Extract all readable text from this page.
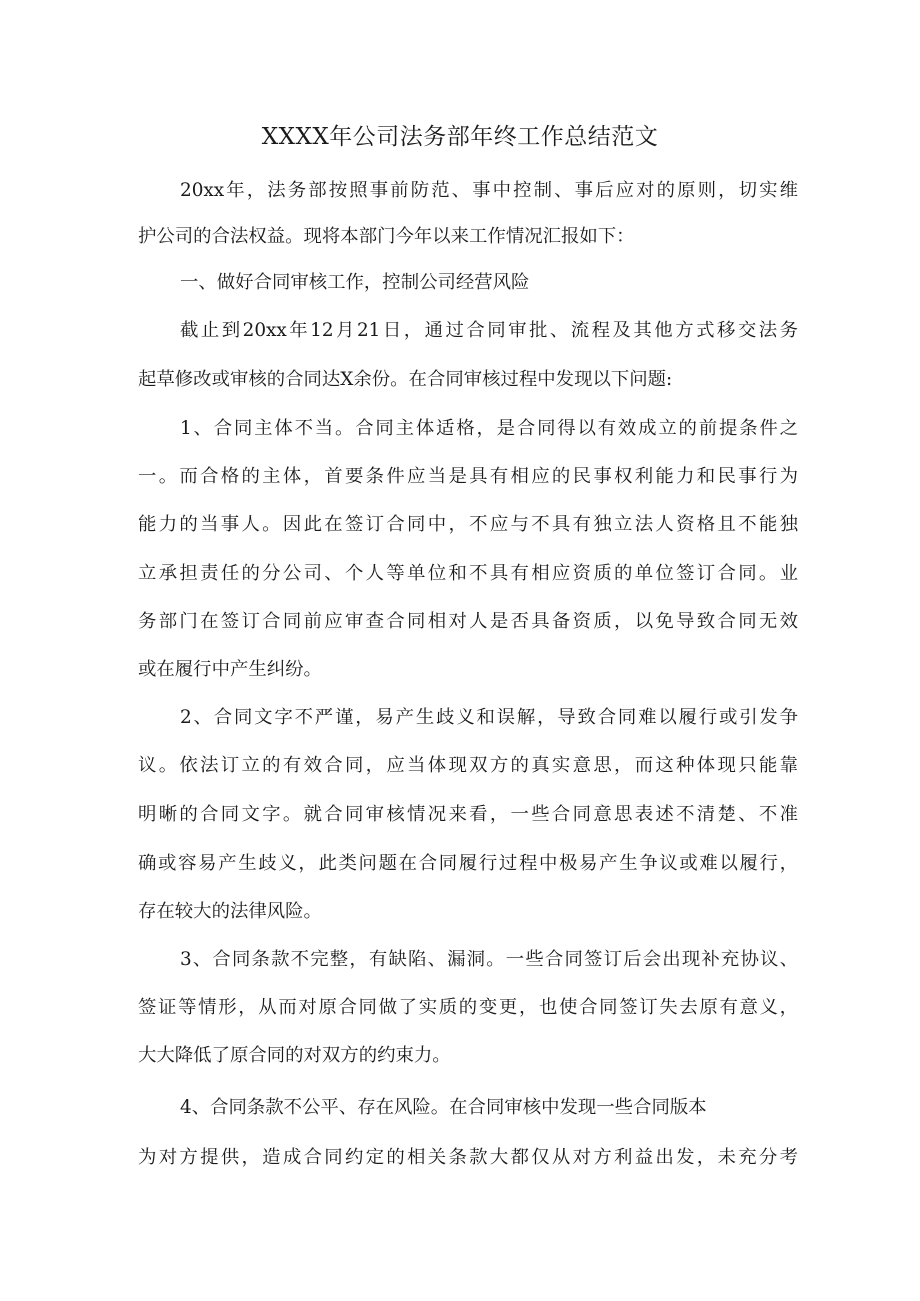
XXXX年公司法务部年终工作总结范文
20xx年，法务部按照事前防范、事中控制、事后应对的原则，切实维
护公司的合法权益。现将本部门今年以来工作情况汇报如下：
一、做好合同审核工作，控制公司经营风险
截止到20xx年12月21日，通过合同审批、流程及其他方式移交法务
起草修改或审核的合同达X余份。在合同审核过程中发现以下问题:
1、合同主体不当。合同主体适格，是合同得以有效成立的前提条件之
一。而合格的主体，首要条件应当是具有相应的民事权利能力和民事行为
能力的当事人。因此在签订合同中，不应与不具有独立法人资格且不能独
立承担责任的分公司、个人等单位和不具有相应资质的单位签订合同。业
务部门在签订合同前应审查合同相对人是否具备资质，以免导致合同无效
或在履行中产生纠纷。
2、合同文字不严谨，易产生歧义和误解，导致合同难以履行或引发争
议。依法订立的有效合同，应当体现双方的真实意思，而这种体现只能靠
明晰的合同文字。就合同审核情况来看，一些合同意思表述不清楚、不准
确或容易产生歧义，此类问题在合同履行过程中极易产生争议或难以履行，
存在较大的法律风险。
3、合同条款不完整，有缺陷、漏洞。一些合同签订后会出现补充协议、
签证等情形，从而对原合同做了实质的变更，也使合同签订失去原有意义，
大大降低了原合同的对双方的约束力。
4、合同条款不公平、存在风险。在合同审核中发现一些合同版本
为对方提供，造成合同约定的相关条款大都仅从对方利益出发，未充分考
